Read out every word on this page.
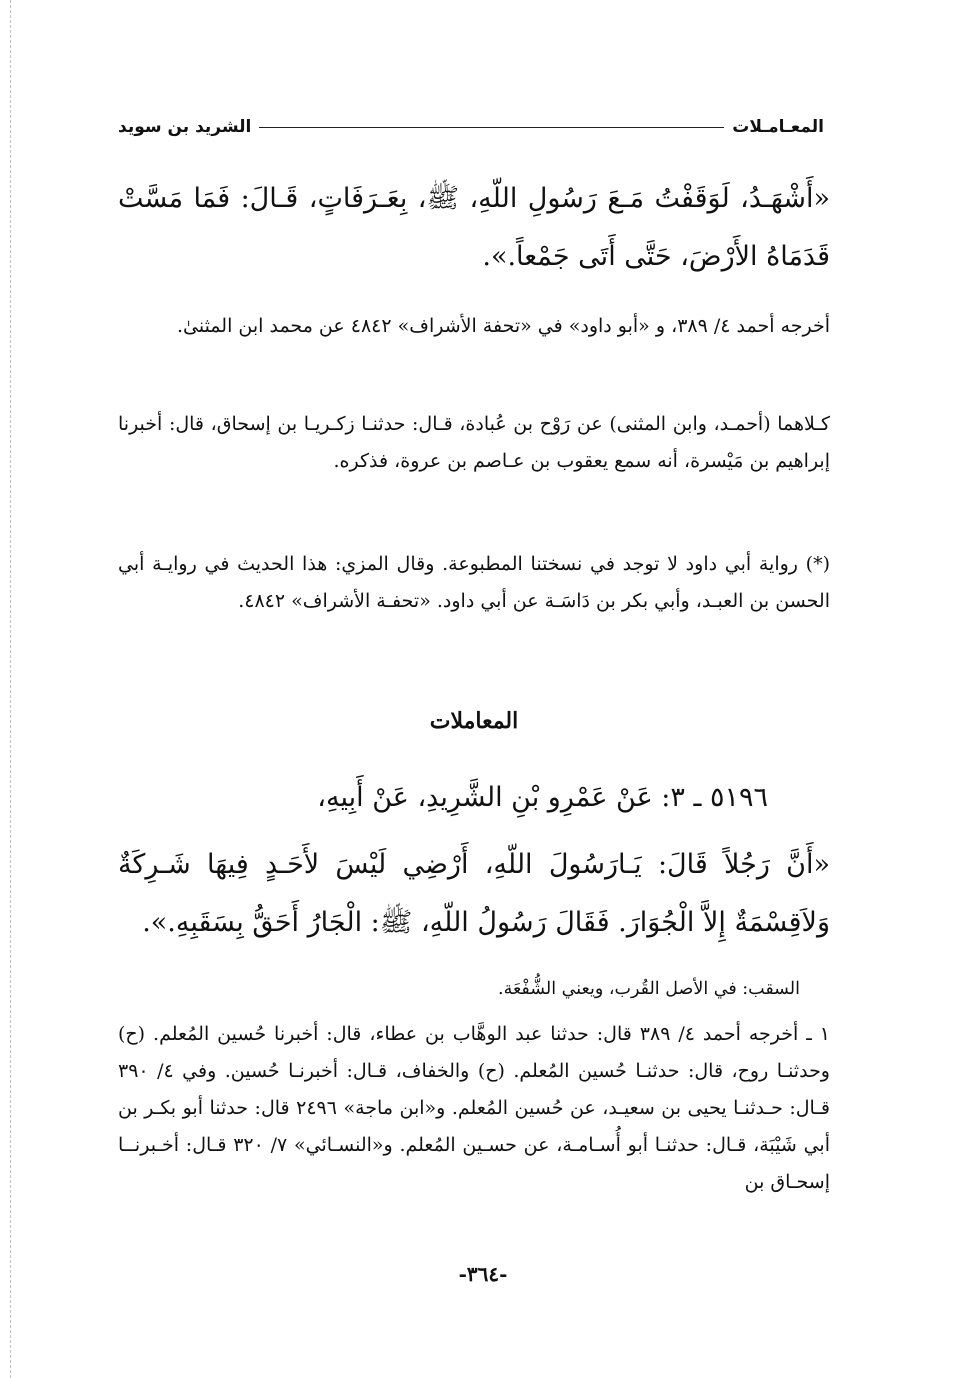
المعـامـلات
الشريد بن سويد
«أَشْهَـدُ، لَوَقَفْتُ مَـعَ رَسُولِ اللّهِ، ﷺ، بِعَـرَفَاتٍ، قَـالَ: فَمَا مَسَّتْ قَدَمَاهُ الأَرْضَ، حَتَّى أَتَى جَمْعاً.».
أخرجه أحمد ٤/ ٣٨٩، و «أبو داود» في «تحفة الأشراف» ٤٨٤٢ عن محمد ابن المثنىٰ.
كـلاهما (أحمـد، وابن المثنى) عن رَوْح بن عُبادة، قـال: حدثنـا زكـريـا بن إسحاق، قال: أخبرنا إبراهيم بن مَيْسرة، أنه سمع يعقوب بن عـاصم بن عروة، فذكره.
(*) رواية أبي داود لا توجد في نسختنا المطبوعة. وقال المزي: هذا الحديث في روايـة أبي الحسن بن العبـد، وأبي بكر بن دَاسَـة عن أبي داود. «تحفـة الأشراف» ٤٨٤٢.
المعاملات
٥١٩٦ ـ ٣: عَنْ عَمْرِو بْنِ الشَّرِيدِ، عَنْ أَبِيهِ،
«أَنَّ رَجُلاً قَالَ: يَـارَسُولَ اللّهِ، أَرْضِي لَيْسَ لأَحَـدٍ فِيهَا شَـرِكَةٌ وَلاَقِسْمَةٌ إِلاَّ الْجُوَارَ. فَقَالَ رَسُولُ اللّهِ، ﷺ: الْجَارُ أَحَقُّ بِسَقَبِهِ.».
السقب: في الأصل القُرب، ويعني الشُّفْعَة.
١ ـ أخرجه أحمد ٤/ ٣٨٩ قال: حدثنا عبد الوهَّاب بن عطاء، قال: أخبرنا حُسين المُعلم. (ح) وحدثنـا روح، قال: حدثنـا حُسين المُعلم. (ح) والخفاف، قـال: أخبرنـا حُسين. وفي ٤/ ٣٩٠ قـال: حـدثنـا يحيى بن سعيـد، عن حُسين المُعلم. و«ابن ماجة» ٢٤٩٦ قال: حدثنا أبو بكـر بن أبي شَيْبَة، قـال: حدثنـا أبو أُسـامـة، عن حسـين المُعلم. و«النسـائي» ٧/ ٣٢٠ قـال: أخـبرنــا إسحـاق بن
-٣٦٤-
